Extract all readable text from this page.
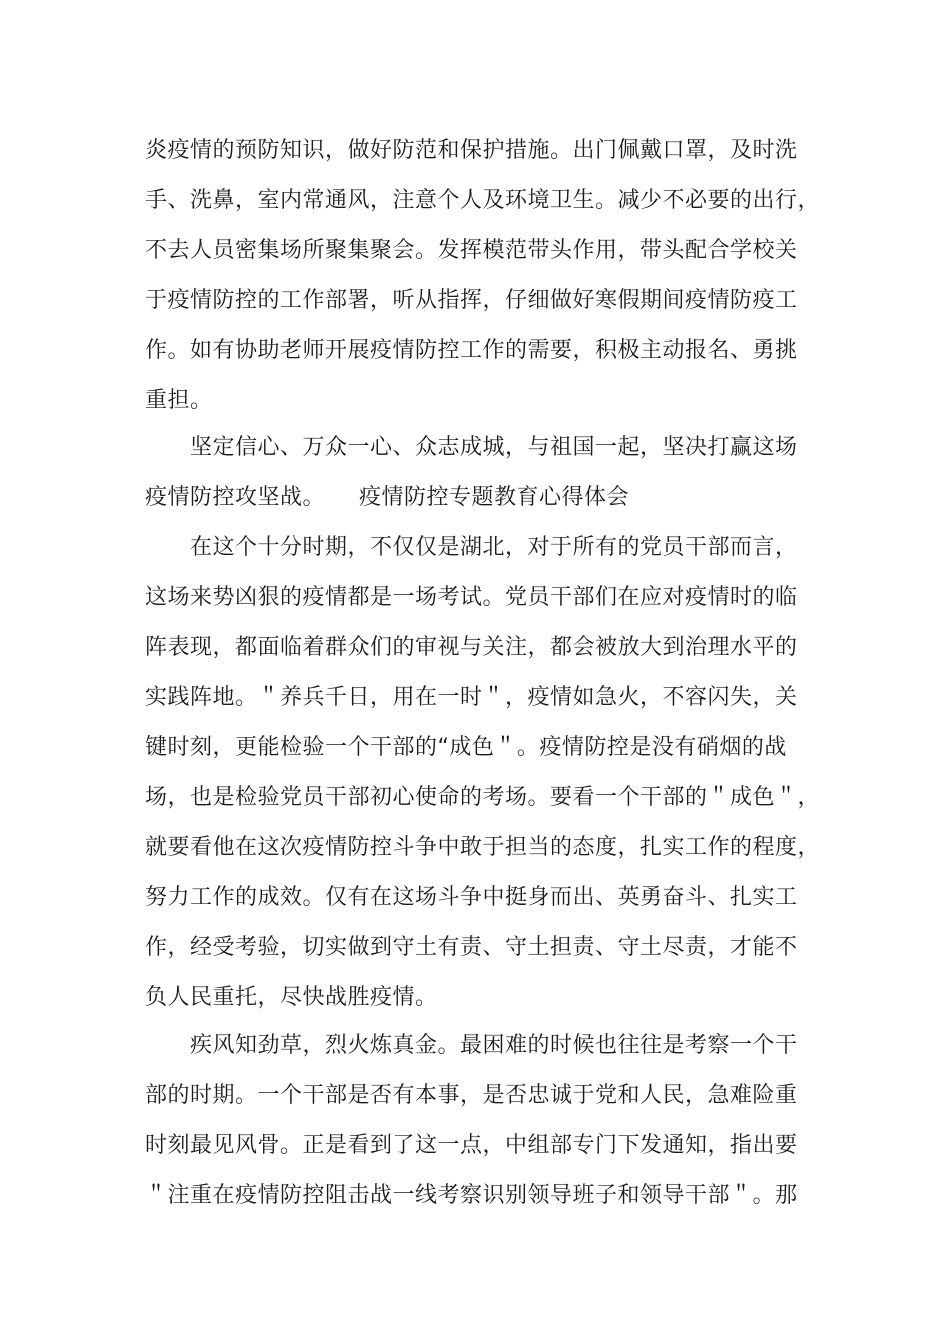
炎疫情的预防知识，做好防范和保护措施。出门佩戴口罩，及时洗
手、洗鼻，室内常通风，注意个人及环境卫生。减少不必要的出行，
不去人员密集场所聚集聚会。发挥模范带头作用，带头配合学校关
于疫情防控的工作部署，听从指挥，仔细做好寒假期间疫情防疫工
作。如有协助老师开展疫情防控工作的需要，积极主动报名、勇挑
重担。
坚定信心、万众一心、众志成城，与祖国一起，坚决打赢这场
疫情防控攻坚战。　　疫情防控专题教育心得体会
在这个十分时期，不仅仅是湖北，对于所有的党员干部而言，
这场来势凶狠的疫情都是一场考试。党员干部们在应对疫情时的临
阵表现，都面临着群众们的审视与关注，都会被放大到治理水平的
实践阵地。＂养兵千日，用在一时＂，疫情如急火，不容闪失，关
键时刻，更能检验一个干部的“成色＂。疫情防控是没有硝烟的战
场，也是检验党员干部初心使命的考场。要看一个干部的＂成色＂，
就要看他在这次疫情防控斗争中敢于担当的态度，扎实工作的程度，
努力工作的成效。仅有在这场斗争中挺身而出、英勇奋斗、扎实工
作，经受考验，切实做到守土有责、守土担责、守土尽责，才能不
负人民重托，尽快战胜疫情。
疾风知劲草，烈火炼真金。最困难的时候也往往是考察一个干
部的时期。一个干部是否有本事，是否忠诚于党和人民，急难险重
时刻最见风骨。正是看到了这一点，中组部专门下发通知，指出要
＂注重在疫情防控阻击战一线考察识别领导班子和领导干部＂。那
